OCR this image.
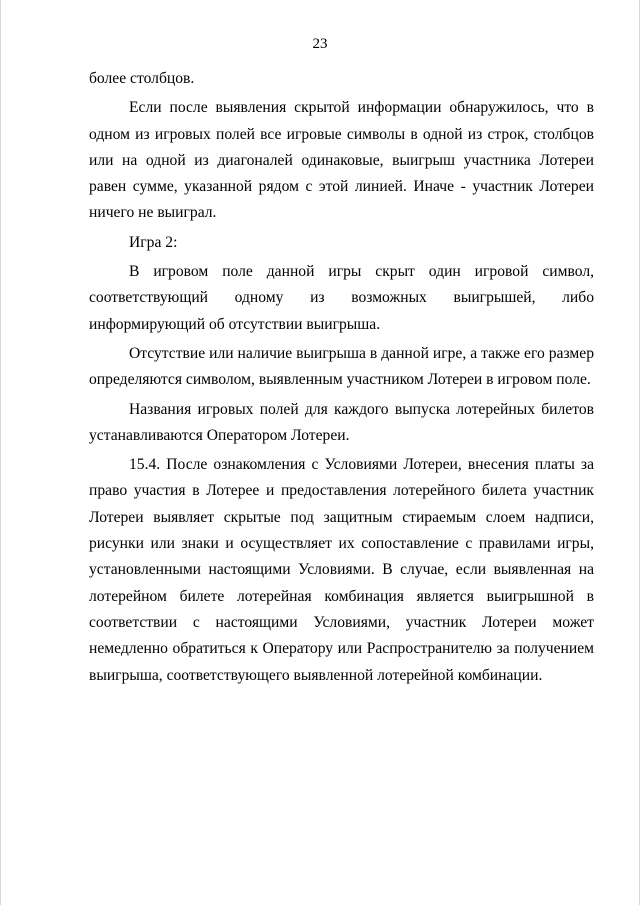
23

более столбцов.

Если после выявления скрытой информации обнаружилось, что в одном из игровых полей все игровые символы в одной из строк, столбцов или на одной из диагоналей одинаковые, выигрыш участника Лотереи равен сумме, указанной рядом с этой линией. Иначе - участник Лотереи ничего не выиграл.

Игра 2:

В игровом поле данной игры скрыт один игровой символ, соответствующий одному из возможных выигрышей, либо информирующий об отсутствии выигрыша.

Отсутствие или наличие выигрыша в данной игре, а также его размер определяются символом, выявленным участником Лотереи в игровом поле.

Названия игровых полей для каждого выпуска лотерейных билетов устанавливаются Оператором Лотереи.

15.4. После ознакомления с Условиями Лотереи, внесения платы за право участия в Лотерее и предоставления лотерейного билета участник Лотереи выявляет скрытые под защитным стираемым слоем надписи, рисунки или знаки и осуществляет их сопоставление с правилами игры, установленными настоящими Условиями. В случае, если выявленная на лотерейном билете лотерейная комбинация является выигрышной в соответствии с настоящими Условиями, участник Лотереи может немедленно обратиться к Оператору или Распространителю за получением выигрыша, соответствующего выявленной лотерейной комбинации.
